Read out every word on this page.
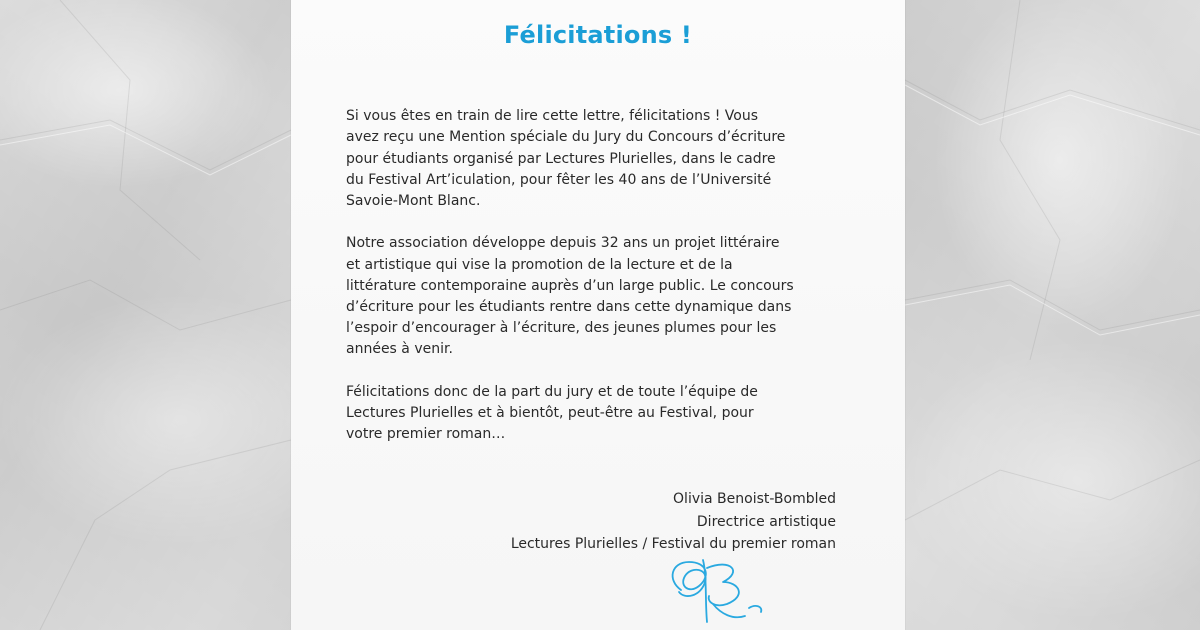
Félicitations !

Si vous êtes en train de lire cette lettre, félicitations ! Vous
avez reçu une Mention spéciale du Jury du Concours d’écriture
pour étudiants organisé par Lectures Plurielles, dans le cadre
du Festival Art’iculation, pour fêter les 40 ans de l’Université
Savoie-Mont Blanc.

Notre association développe depuis 32 ans un projet littéraire
et artistique qui vise la promotion de la lecture et de la
littérature contemporaine auprès d’un large public. Le concours
d’écriture pour les étudiants rentre dans cette dynamique dans
l’espoir d’encourager à l’écriture, des jeunes plumes pour les
années à venir.

Félicitations donc de la part du jury et de toute l’équipe de
Lectures Plurielles et à bientôt, peut-être au Festival, pour
votre premier roman…

Olivia Benoist-Bombled
Directrice artistique
Lectures Plurielles / Festival du premier roman
